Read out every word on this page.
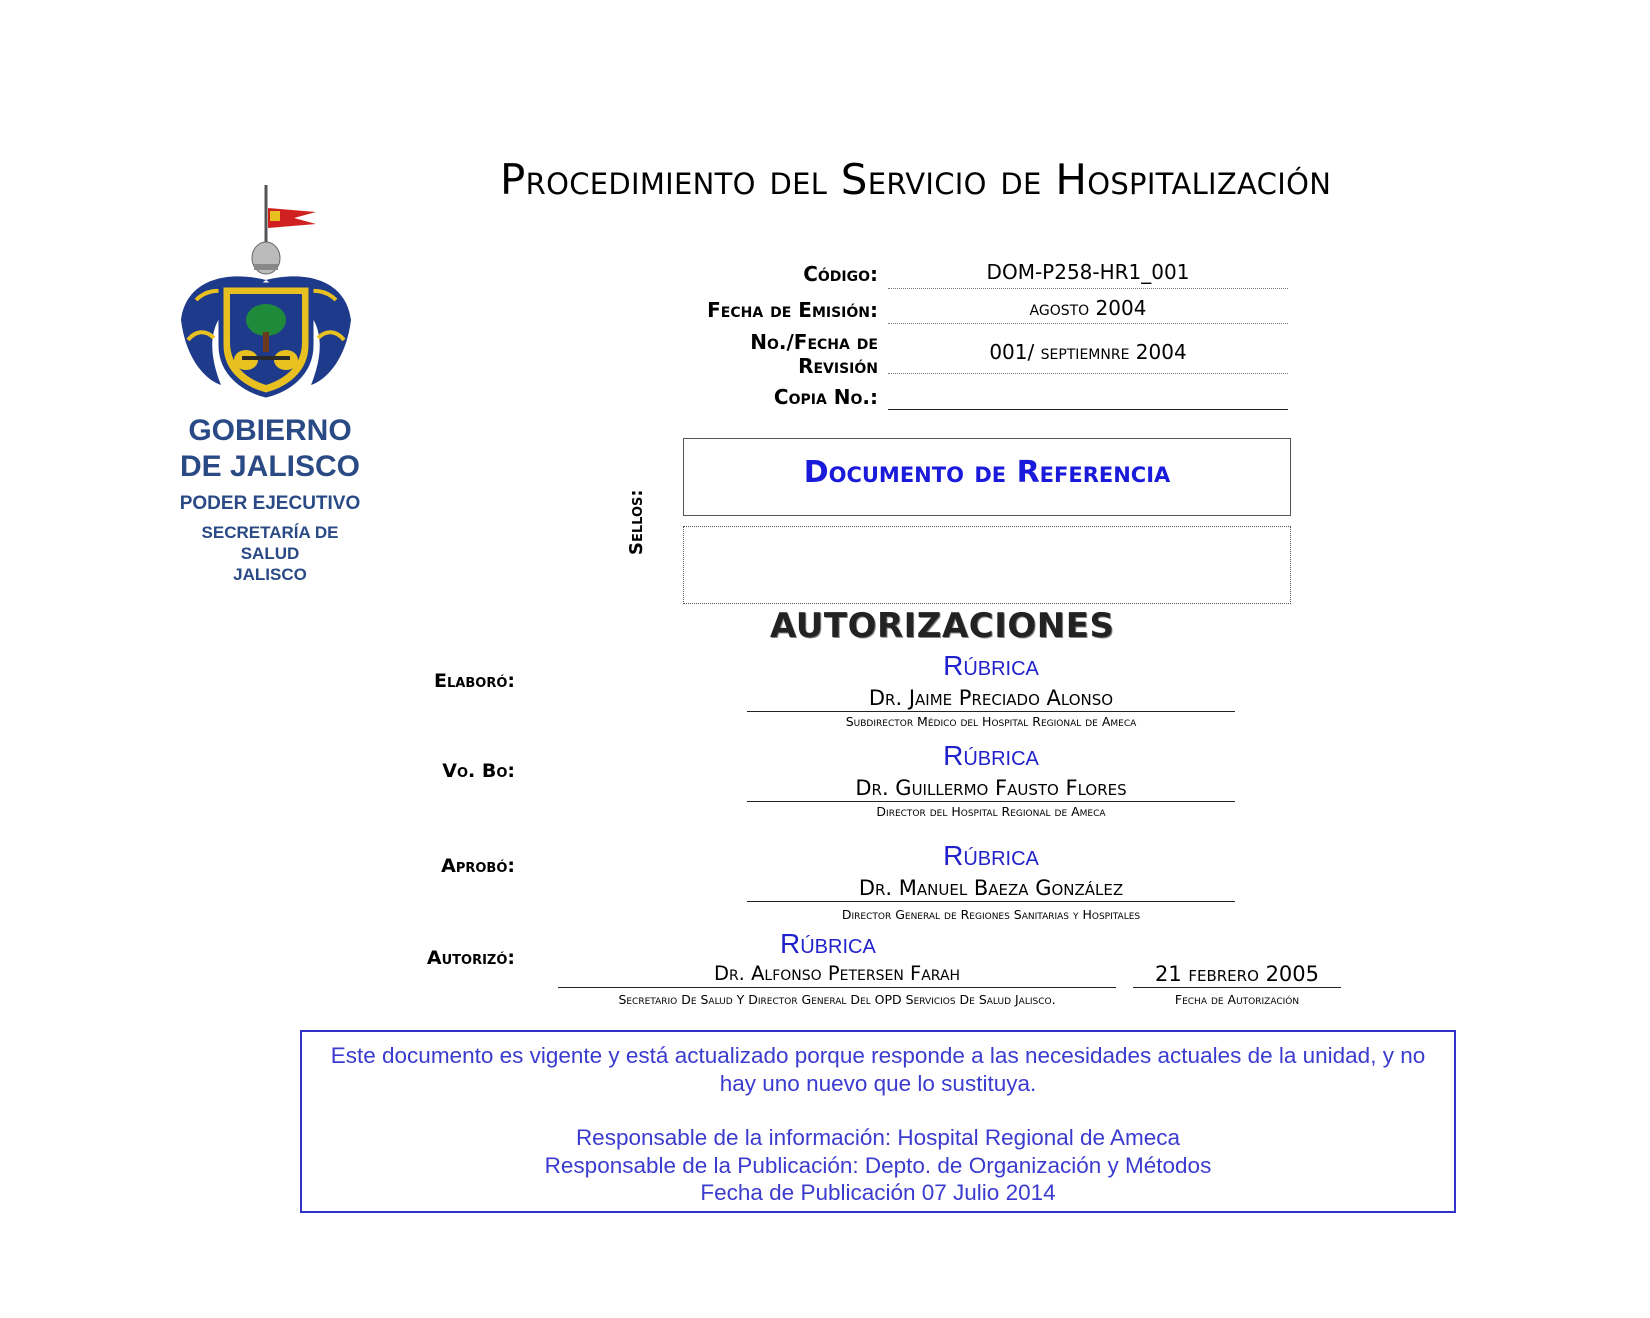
Procedimiento del Servicio de Hospitalización
GOBIERNO
DE JALISCO
PODER EJECUTIVO
SECRETARÍA DE
SALUD
JALISCO
Código:	DOM-P258-HR1_001
Fecha de Emisión:	agosto 2004
No./Fecha de
Revisión
001/ septiemnre 2004
Copia No.:
Sellos:
Documento de Referencia
AUTORIZACIONES
Elaboró:	Rúbrica
Dr. Jaime Preciado Alonso
Subdirector Médico del Hospital Regional de Ameca
Vo. Bo:	Rúbrica
Dr. Guillermo Fausto Flores
Director del Hospital Regional de Ameca
Aprobó:	Rúbrica
Dr. Manuel Baeza González
Director General de Regiones Sanitarias y Hospitales
Autorizó:	Rúbrica
Dr. Alfonso Petersen Farah
Secretario De Salud Y Director General Del OPD Servicios De Salud Jalisco.
21 febrero 2005
Fecha de Autorización
Este documento es vigente y está actualizado porque responde a las necesidades actuales de la unidad, y no hay uno nuevo que lo sustituya.
Responsable de la información: Hospital Regional de Ameca
Responsable de la Publicación: Depto. de Organización y Métodos
Fecha de Publicación 07 Julio 2014
